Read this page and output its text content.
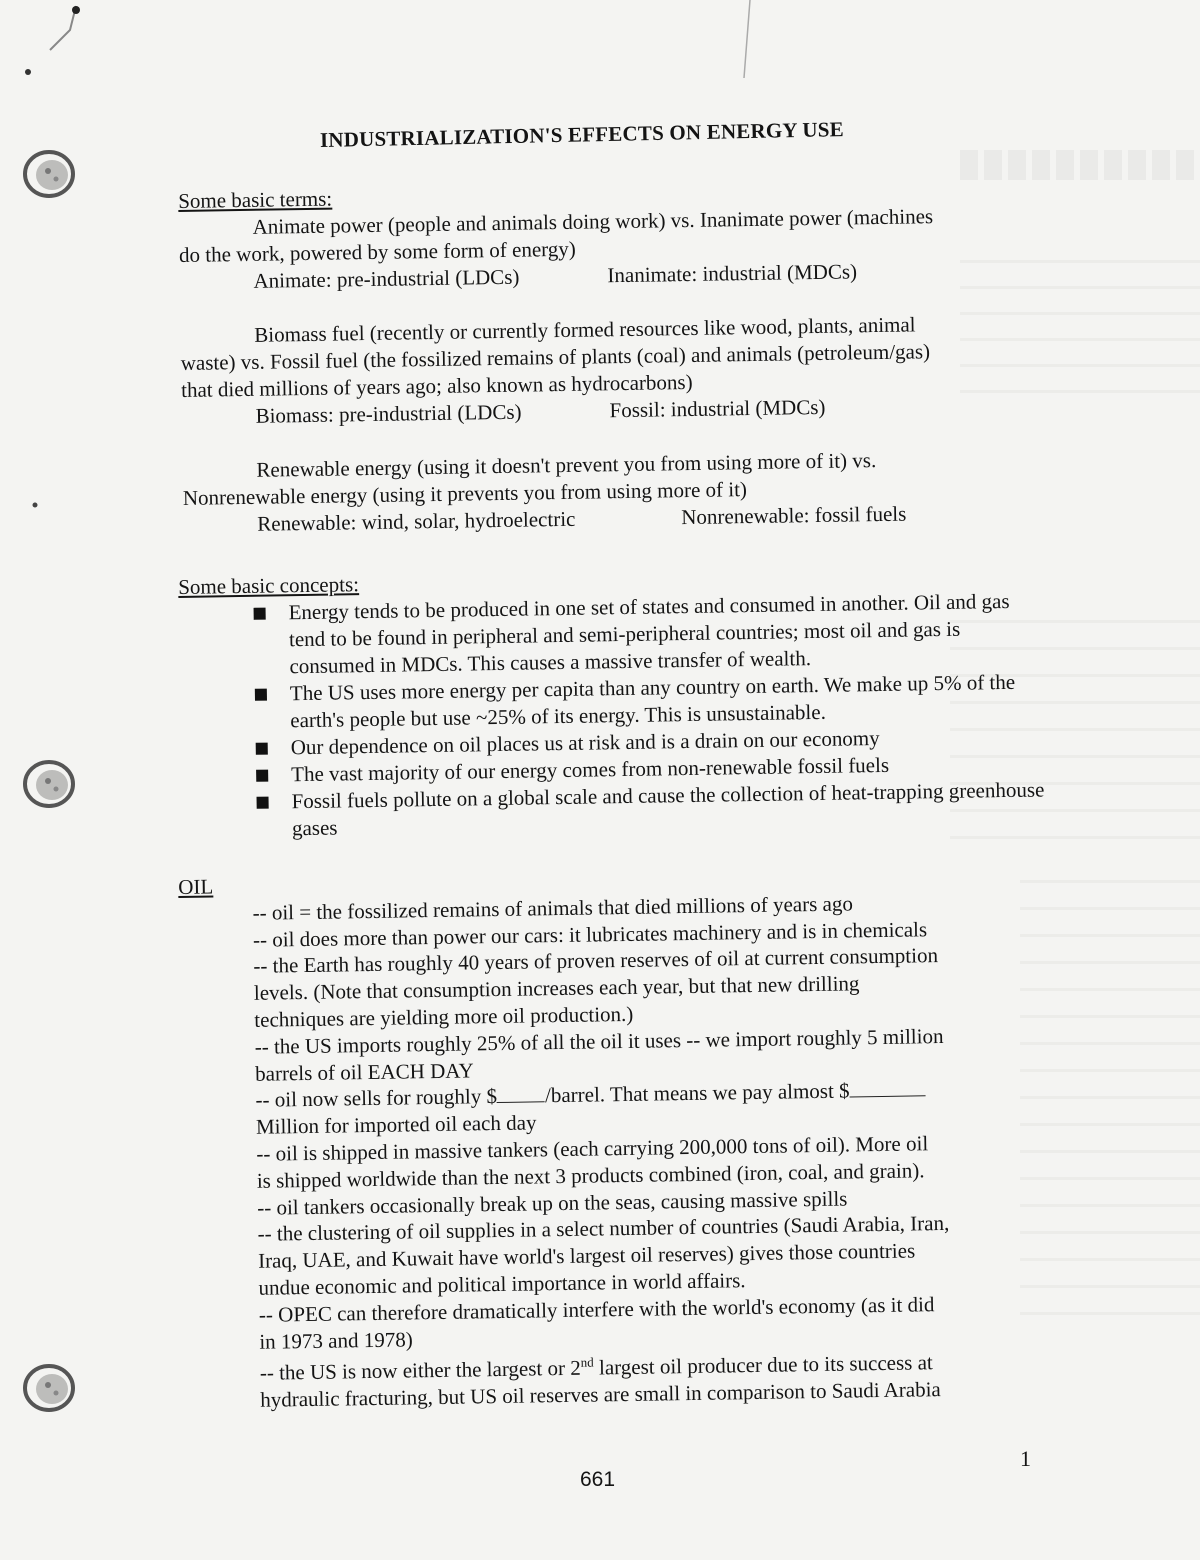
INDUSTRIALIZATION'S EFFECTS ON ENERGY USE

Some basic terms:

Animate power (people and animals doing work) vs. Inanimate power (machines

do the work, powered by some form of energy)

Animate: pre-industrial (LDCs)	Inanimate: industrial (MDCs)

Biomass fuel (recently or currently formed resources like wood, plants, animal

waste) vs. Fossil fuel (the fossilized remains of plants (coal) and animals (petroleum/gas)

that died millions of years ago; also known as hydrocarbons)

Biomass: pre-industrial (LDCs)	Fossil: industrial (MDCs)

Renewable energy (using it doesn't prevent you from using more of it) vs.

Nonrenewable energy (using it prevents you from using more of it)

Renewable: wind, solar, hydroelectric	Nonrenewable: fossil fuels

Some basic concepts:

Energy tends to be produced in one set of states and consumed in another. Oil and gas tend to be found in peripheral and semi-peripheral countries; most oil and gas is consumed in MDCs. This causes a massive transfer of wealth.
The US uses more energy per capita than any country on earth. We make up 5% of the earth's people but use ~25% of its energy. This is unsustainable.
Our dependence on oil places us at risk and is a drain on our economy
The vast majority of our energy comes from non-renewable fossil fuels
Fossil fuels pollute on a global scale and cause the collection of heat-trapping greenhouse gases

OIL

-- oil = the fossilized remains of animals that died millions of years ago

-- oil does more than power our cars: it lubricates machinery and is in chemicals

-- the Earth has roughly 40 years of proven reserves of oil at current consumption

levels. (Note that consumption increases each year, but that new drilling

techniques are yielding more oil production.)

-- the US imports roughly 25% of all the oil it uses -- we import roughly 5 million

barrels of oil EACH DAY

-- oil now sells for roughly $ /barrel. That means we pay almost $

Million for imported oil each day

-- oil is shipped in massive tankers (each carrying 200,000 tons of oil). More oil

is shipped worldwide than the next 3 products combined (iron, coal, and grain).

-- oil tankers occasionally break up on the seas, causing massive spills

-- the clustering of oil supplies in a select number of countries (Saudi Arabia, Iran,

Iraq, UAE, and Kuwait have world's largest oil reserves) gives those countries

undue economic and political importance in world affairs.

-- OPEC can therefore dramatically interfere with the world's economy (as it did

in 1973 and 1978)

-- the US is now either the largest or 2nd largest oil producer due to its success at

hydraulic fracturing, but US oil reserves are small in comparison to Saudi Arabia

661
1
